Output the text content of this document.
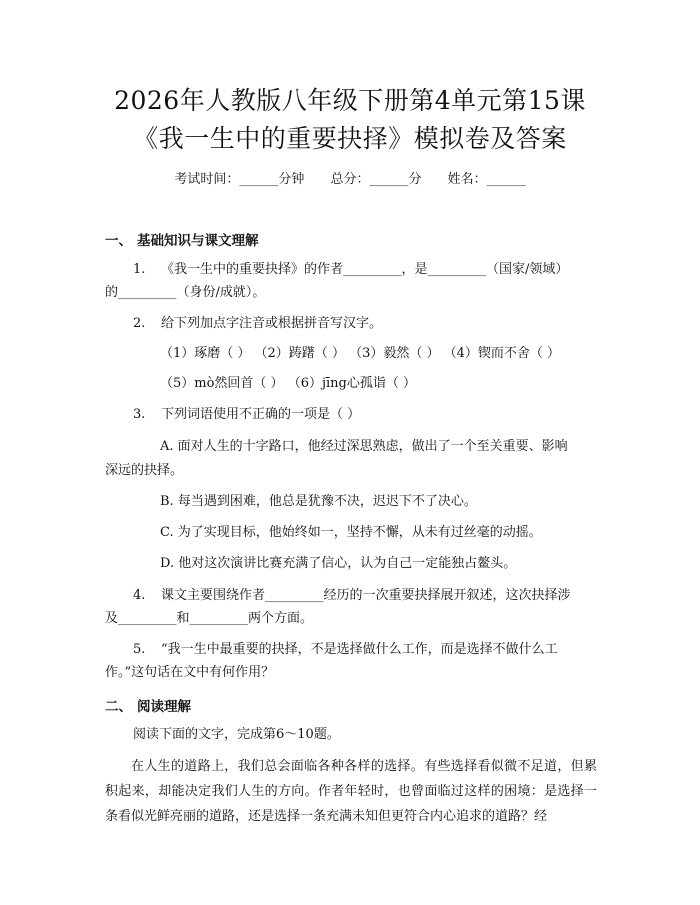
2026年人教版八年级下册第4单元第15课
《我一生中的重要抉择》模拟卷及答案
考试时间：______分钟 总分：______分 姓名：______
一、 基础知识与课文理解
1. 《我一生中的重要抉择》的作者_________，是_________（国家/领域）
的_________（身份/成就）。
2. 给下列加点字注音或根据拼音写汉字。
（1）琢磨（ ） （2）踌躇（ ） （3）毅然（ ） （4）锲而不舍（ ）
（5）mò然回首（ ） （6）jīng心孤诣（ ）
3. 下列词语使用不正确的一项是（ ）
A. 面对人生的十字路口，他经过深思熟虑，做出了一个至关重要、影响
深远的抉择。
B. 每当遇到困难，他总是犹豫不决，迟迟下不了决心。
C. 为了实现目标，他始终如一，坚持不懈，从未有过丝毫的动摇。
D. 他对这次演讲比赛充满了信心，认为自己一定能独占鳌头。
4. 课文主要围绕作者_________经历的一次重要抉择展开叙述，这次抉择涉
及_________和_________两个方面。
5. “我一生中最重要的抉择，不是选择做什么工作，而是选择不做什么工
作。”这句话在文中有何作用？
二、 阅读理解
阅读下面的文字，完成第6～10题。
在人生的道路上，我们总会面临各种各样的选择。有些选择看似微不足道，但累积起来，却能决定我们人生的方向。作者年轻时，也曾面临过这样的困境：是选择一条看似光鲜亮丽的道路，还是选择一条充满未知但更符合内心追求的道路？经
